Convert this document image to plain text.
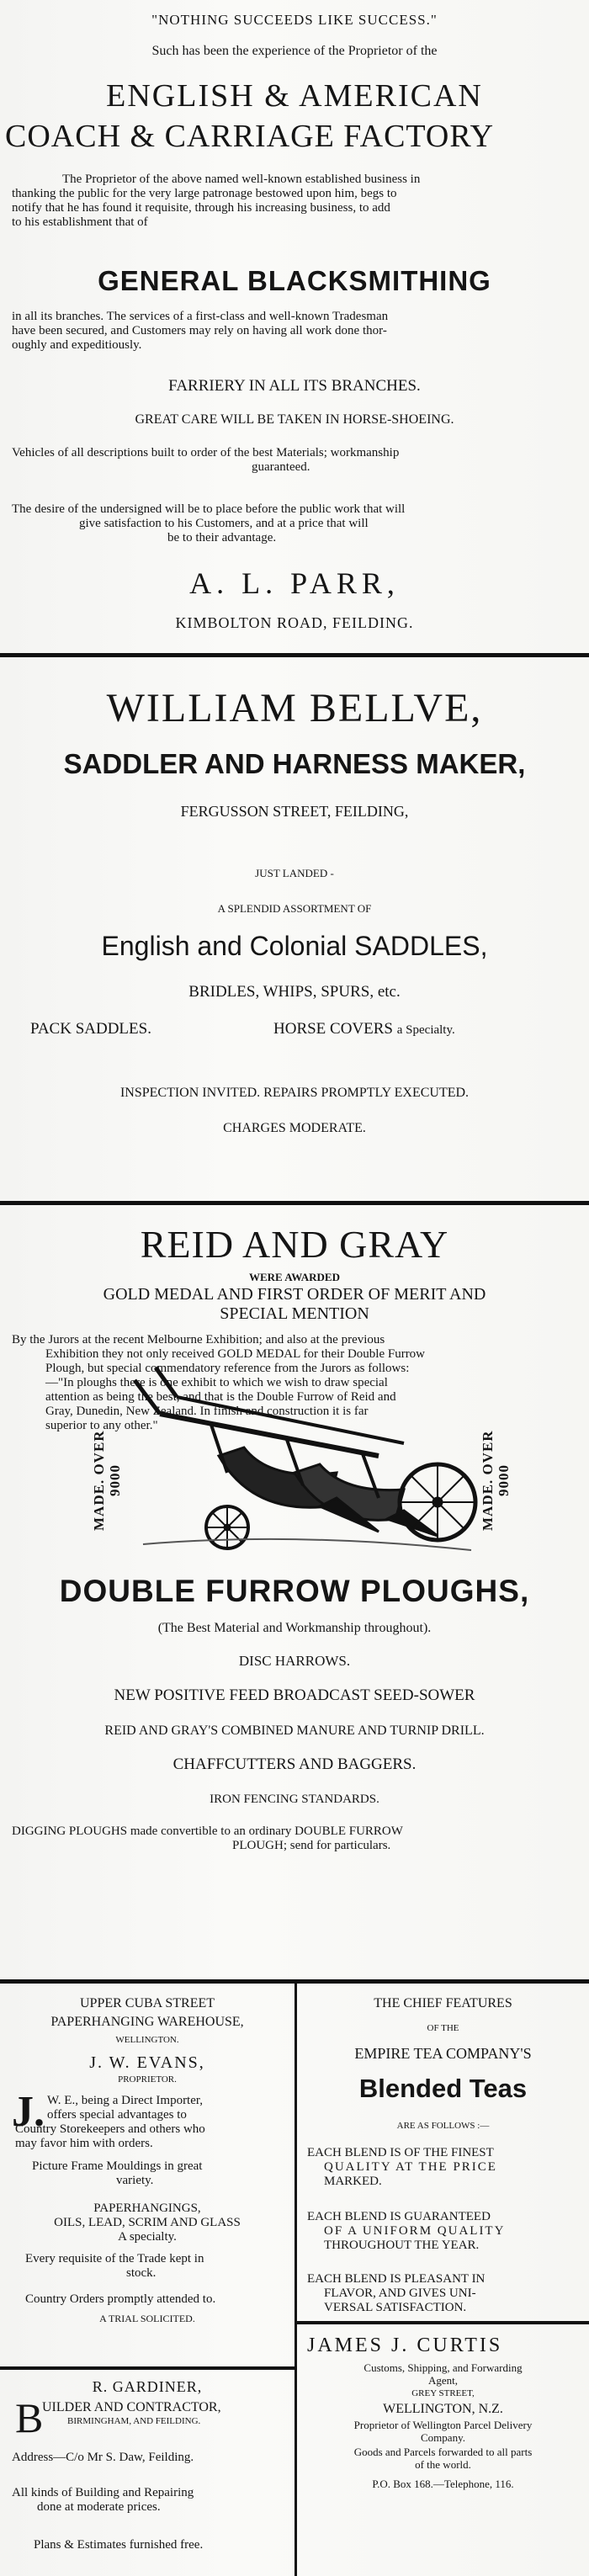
"NOTHING SUCCEEDS LIKE SUCCESS."
Such has been the experience of the Proprietor of the
ENGLISH & AMERICAN
COACH & CARRIAGE FACTORY
The Proprietor of the above named well-known established business in
thanking the public for the very large patronage bestowed upon him, begs to
notify that he has found it requisite, through his increasing business, to add
to his establishment that of
GENERAL BLACKSMITHING
in all its branches. The services of a first-class and well-known Tradesman
have been secured, and Customers may rely on having all work done thor-
oughly and expeditiously.
FARRIERY IN ALL ITS BRANCHES.
GREAT CARE WILL BE TAKEN IN HORSE-SHOEING.
Vehicles of all descriptions built to order of the best Materials; workmanship
guaranteed.
The desire of the undersigned will be to place before the public work that will
give satisfaction to his Customers, and at a price that will
be to their advantage.
A. L. PARR,
KIMBOLTON ROAD, FEILDING.
WILLIAM BELLVE,
SADDLER AND HARNESS MAKER,
FERGUSSON STREET, FEILDING,
JUST LANDED -
A SPLENDID ASSORTMENT OF
English and Colonial SADDLES,
BRIDLES, WHIPS, SPURS, etc.
PACK SADDLES.	HORSE COVERS a Specialty.
INSPECTION INVITED. REPAIRS PROMPTLY EXECUTED.
CHARGES MODERATE.
REID AND GRAY
WERE AWARDED
GOLD MEDAL AND FIRST ORDER OF MERIT AND
SPECIAL MENTION
By the Jurors at the recent Melbourne Exhibition; and also at the previous
Exhibition they not only received GOLD MEDAL for their Double Furrow
Plough, but special commendatory reference from the Jurors as follows:
—"In ploughs there is one exhibit to which we wish to draw special
attention as being the best, and that is the Double Furrow of Reid and
Gray, Dunedin, New Zealand. In finish and construction it is far
superior to any other."
MADE. OVER 9000	MADE. OVER 9000
DOUBLE FURROW PLOUGHS,
(The Best Material and Workmanship throughout).
DISC HARROWS.
NEW POSITIVE FEED BROADCAST SEED-SOWER
REID AND GRAY'S COMBINED MANURE AND TURNIP DRILL.
CHAFFCUTTERS AND BAGGERS.
IRON FENCING STANDARDS.
DIGGING PLOUGHS made convertible to an ordinary DOUBLE FURROW
PLOUGH; send for particulars.
UPPER CUBA STREET
PAPERHANGING WAREHOUSE,
WELLINGTON.
J. W. EVANS,
PROPRIETOR.
J. W. E., being a Direct Importer,
offers special advantages to
Country Storekeepers and others who
may favor him with orders.
Picture Frame Mouldings in great
variety.
PAPERHANGINGS,
OILS, LEAD, SCRIM AND GLASS
A specialty.
Every requisite of the Trade kept in
stock.
Country Orders promptly attended to.
A TRIAL SOLICITED.
R. GARDINER,
B
UILDER AND CONTRACTOR,
BIRMINGHAM, AND FEILDING.
Address—C/o Mr S. Daw, Feilding.
All kinds of Building and Repairing
done at moderate prices.
Plans & Estimates furnished free.
THE CHIEF FEATURES
OF THE
EMPIRE TEA COMPANY'S
Blended Teas
ARE AS FOLLOWS :—
EACH BLEND IS OF THE FINEST
QUALITY AT THE PRICE
MARKED.
EACH BLEND IS GUARANTEED
OF A UNIFORM QUALITY
THROUGHOUT THE YEAR.
EACH BLEND IS PLEASANT IN
FLAVOR, AND GIVES UNI-
VERSAL SATISFACTION.
JAMES J. CURTIS
Customs, Shipping, and Forwarding
Agent,
GREY STREET,
WELLINGTON, N.Z.
Proprietor of Wellington Parcel Delivery
Company.
Goods and Parcels forwarded to all parts
of the world.
P.O. Box 168.—Telephone, 116.
